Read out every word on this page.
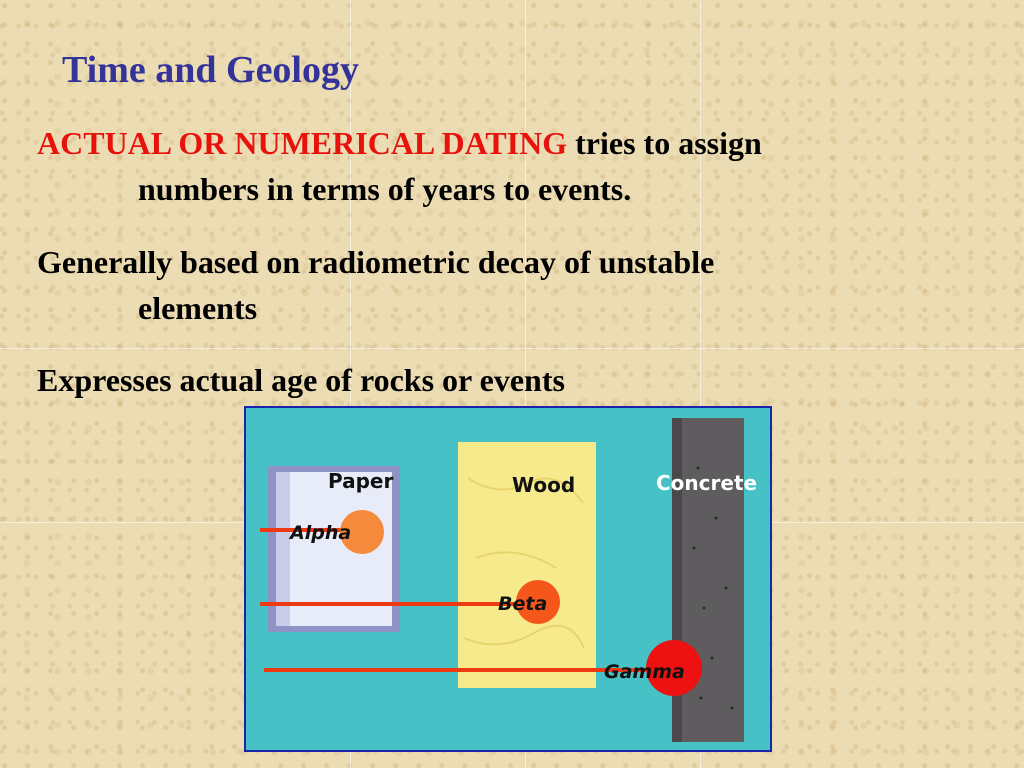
Time and Geology
ACTUAL OR NUMERICAL DATING tries to assign
numbers in terms of years to events.
Generally based on radiometric decay of unstable
elements
Expresses actual age of rocks or events
Paper	Wood	Concrete
Alpha
Beta
Gamma
